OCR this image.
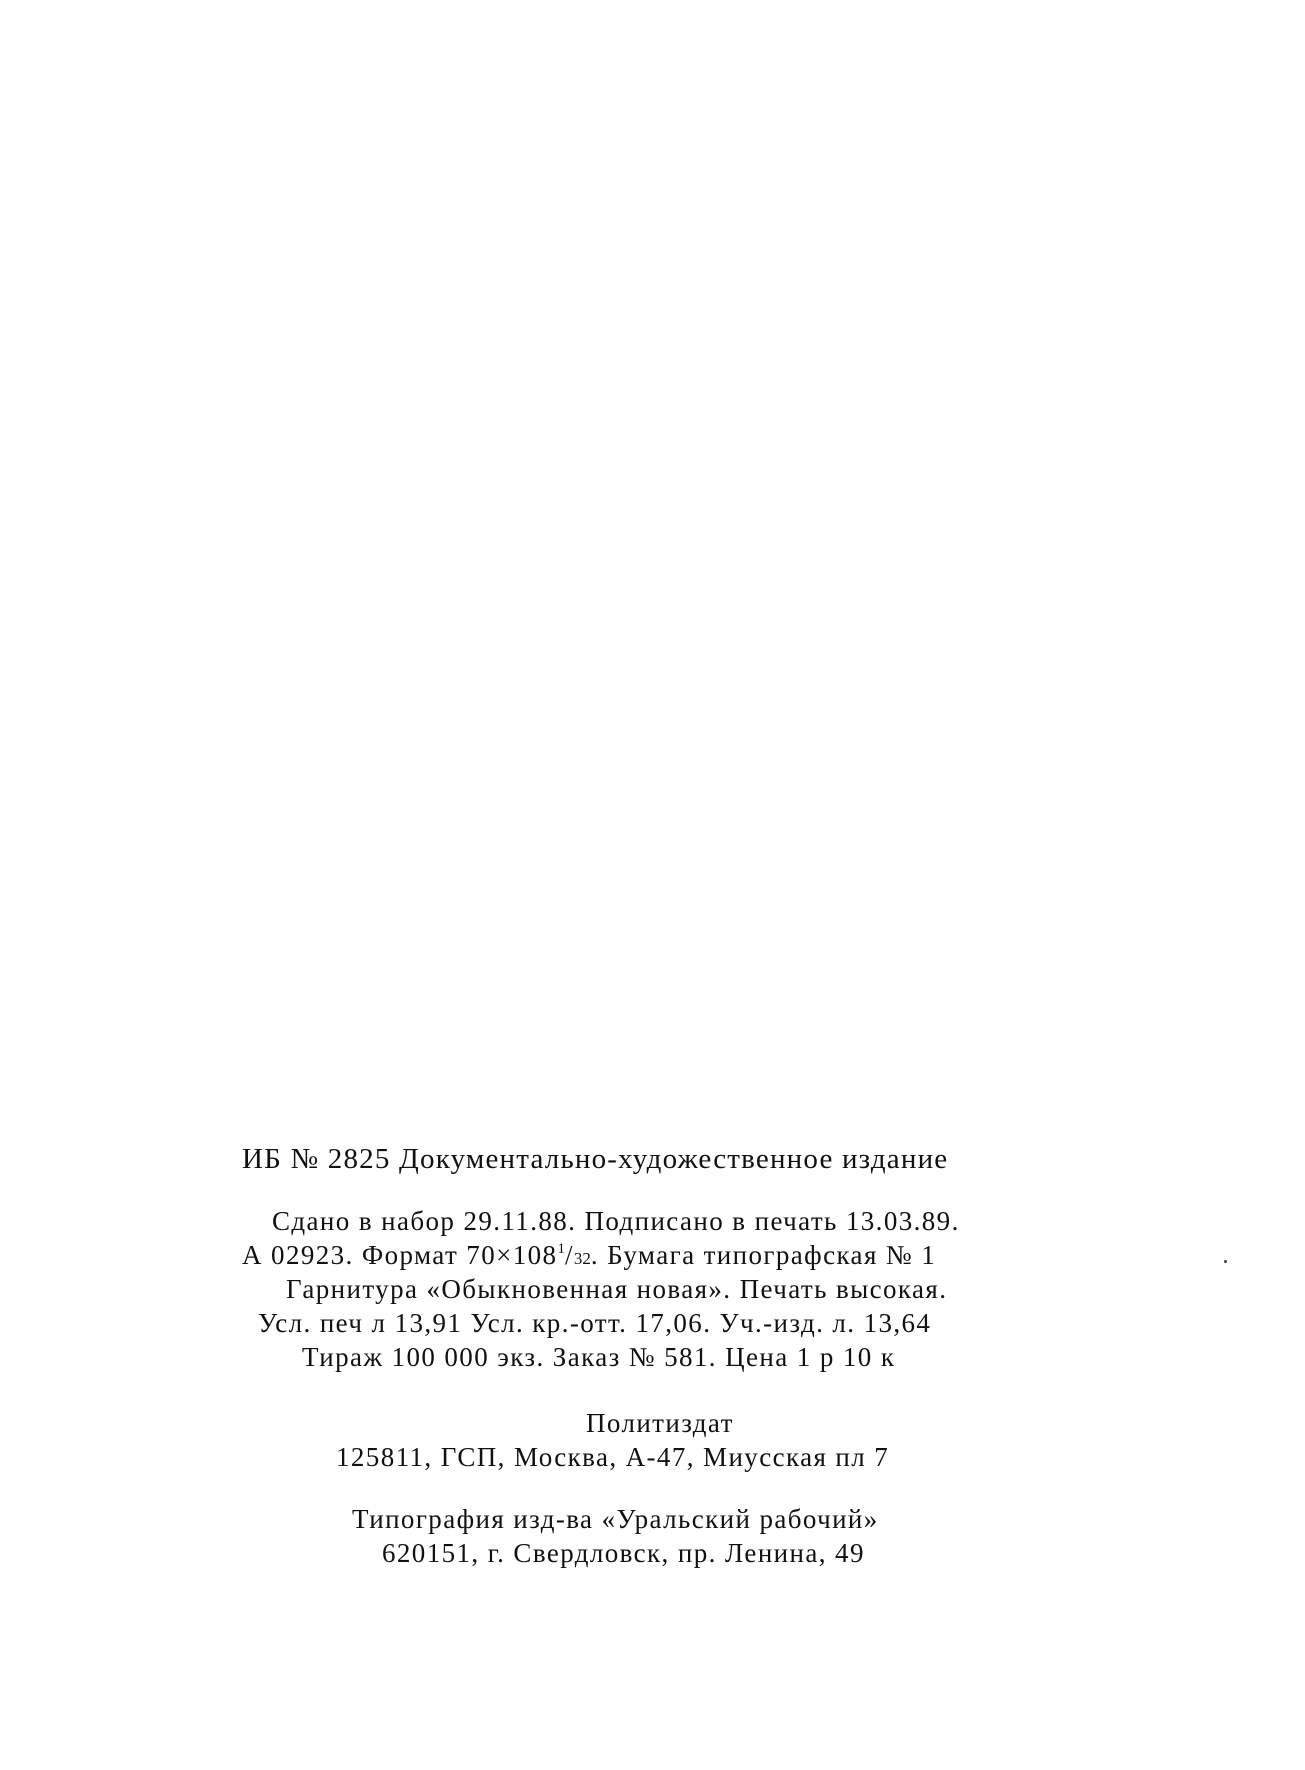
ИБ № 2825 Документально-художественное издание
Сдано в набор 29.11.88. Подписано в печать 13.03.89.
А 02923. Формат $70\times 108^1/32$. Бумага типографская № 1
Гарнитура «Обыкновенная новая». Печать высокая.
Усл. печ л 13,91 Усл. кр.-отт. 17,06. Уч.-изд. л. 13,64
Тираж 100 000 экз. Заказ № 581. Цена 1 р 10 к
Политиздат
125811, ГСП, Москва, А-47, Миусская пл 7
Типография изд-ва «Уральский рабочий»
620151, г. Свердловск, пр. Ленина, 49
